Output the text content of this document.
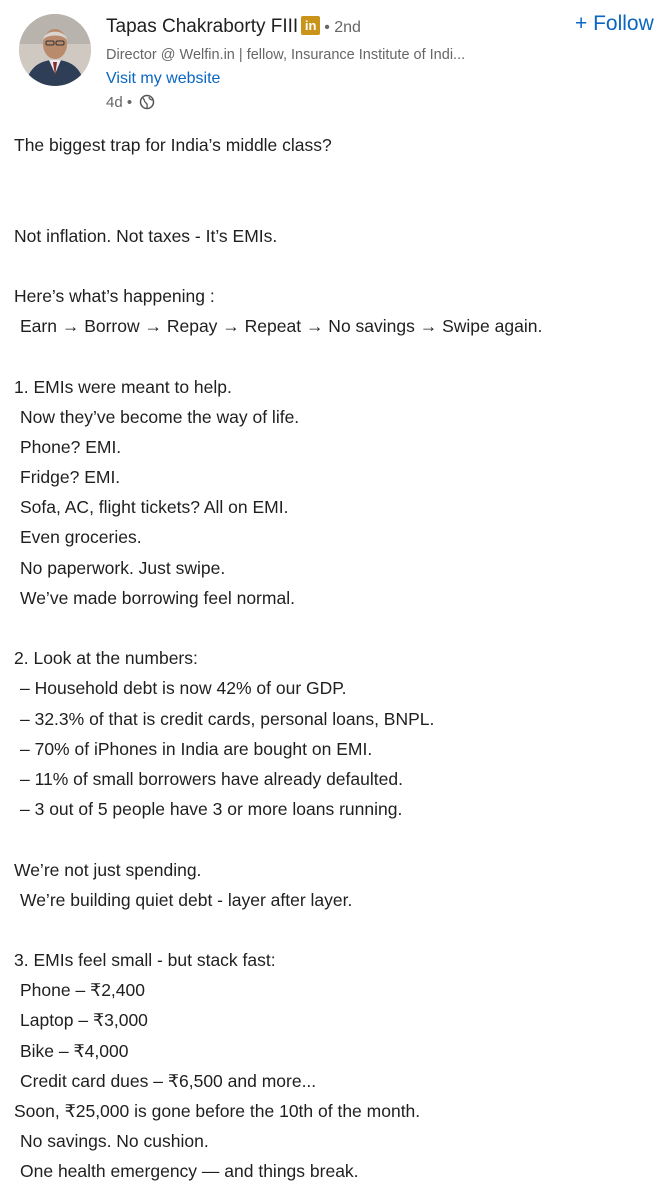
Tapas Chakraborty FIII in • 2nd	+ Follow
Director @ Welfin.in | fellow, Insurance Institute of Indi...
Visit my website
4d •
The biggest trap for India’s middle class?
Not inflation. Not taxes - It’s EMIs.
Here’s what’s happening :
Earn → Borrow → Repay → Repeat → No savings → Swipe again.
1. EMIs were meant to help.
Now they’ve become the way of life.
Phone? EMI.
Fridge? EMI.
Sofa, AC, flight tickets? All on EMI.
Even groceries.
No paperwork. Just swipe.
We’ve made borrowing feel normal.
2. Look at the numbers:
– Household debt is now 42% of our GDP.
– 32.3% of that is credit cards, personal loans, BNPL.
– 70% of iPhones in India are bought on EMI.
– 11% of small borrowers have already defaulted.
– 3 out of 5 people have 3 or more loans running.
We’re not just spending.
We’re building quiet debt - layer after layer.
3. EMIs feel small - but stack fast:
Phone – ₹2,400
Laptop – ₹3,000
Bike – ₹4,000
Credit card dues – ₹6,500 and more...
Soon, ₹25,000 is gone before the 10th of the month.
No savings. No cushion.
One health emergency — and things break.
